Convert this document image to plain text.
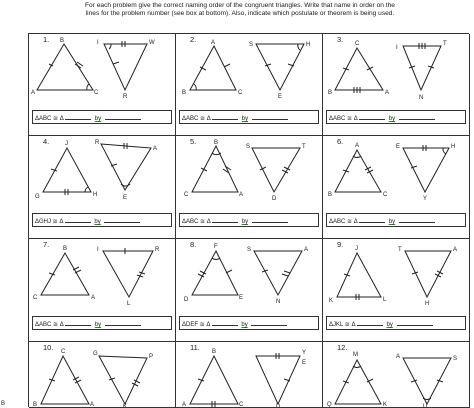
For each problem give the correct naming order of the congruent triangles. Write that name in order on the
lines for the problem number (see box at bottom). Also, indicate which postulate or theorem is being used.
1. B
A	C
I	W
R
ΔABC ≅ Δ	by
2. A
B	C
S	H
E
ΔABC ≅ Δ	by
3. C
B	A
T
I
N
ΔABC ≅ Δ	by
4.	J
G	H
R
A
E
ΔGHJ ≅ Δ	by
5.	B
C	A
S	T
D
ΔABC ≅ Δ	by
6. A
B	C
E	H
Y
ΔABC ≅ Δ	by
7. B
C	A
I	R
L
ΔABC ≅ Δ	by
8.	F
D	E
S	A
N
ΔDEF ≅ Δ	by
9. J
K	L
T	A
H
ΔJKL ≅ Δ	by
10. C
B	A
G	P
K
11. B
A	C
Y
E
D
12.
M
K
Q
A	S
U
B
